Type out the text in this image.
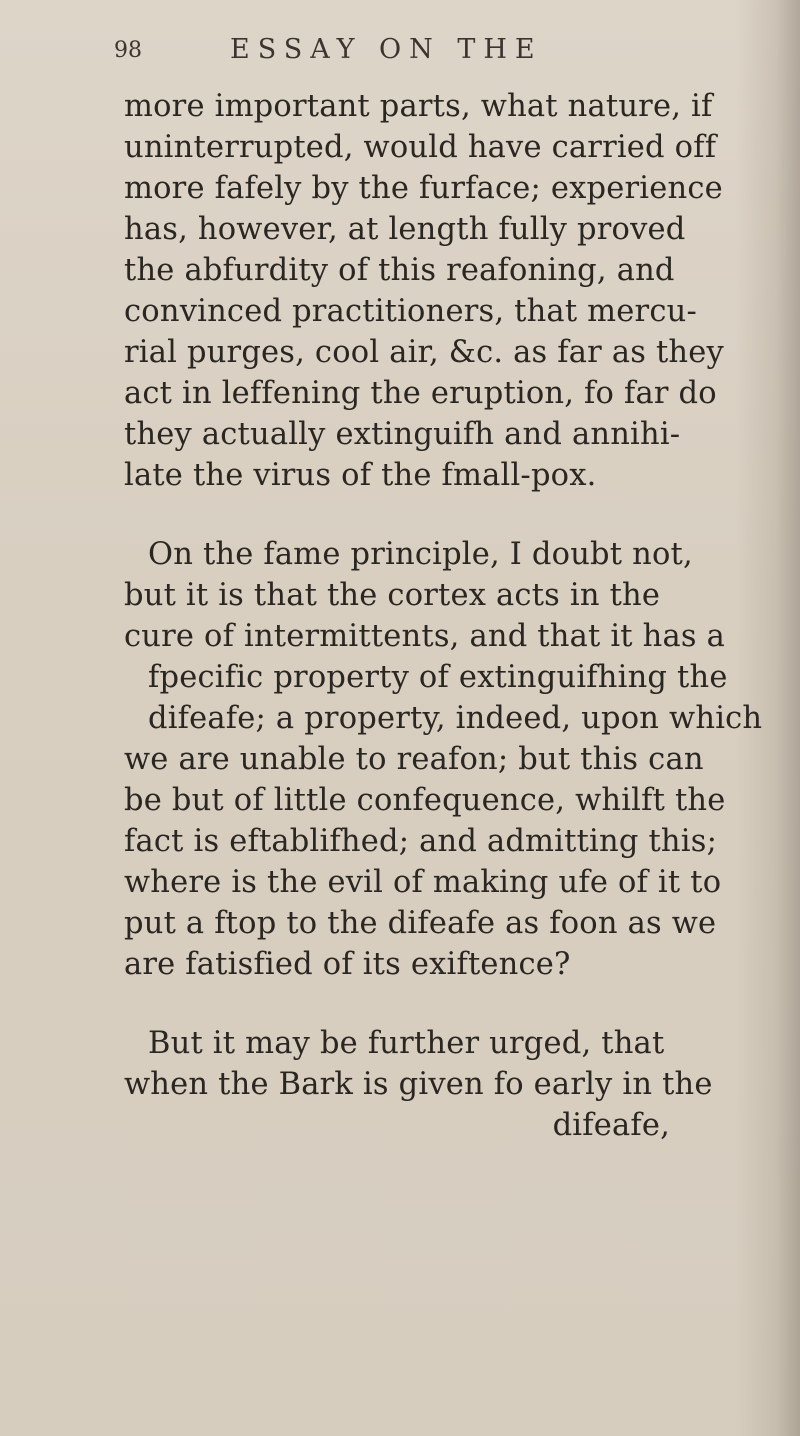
98	ESSAY ON THE
more important parts, what nature, if
uninterrupted, would have carried off
more fafely by the furface; experience
has, however, at length fully proved
the abfurdity of this reafoning, and
convinced practitioners, that mercu-
rial purges, cool air, &c. as far as they
act in leffening the eruption, fo far do
they actually extinguifh and annihi-
late the virus of the fmall-pox.
On the fame principle, I doubt not,
but it is that the cortex acts in the
cure of intermittents, and that it has a
fpecific property of extinguifhing the
difeafe; a property, indeed, upon which
we are unable to reafon; but this can
be but of little confequence, whilft the
fact is eftablifhed; and admitting this;
where is the evil of making ufe of it to
put a ftop to the difeafe as foon as we
are fatisfied of its exiftence?
But it may be further urged, that
when the Bark is given fo early in the
difeafe,
